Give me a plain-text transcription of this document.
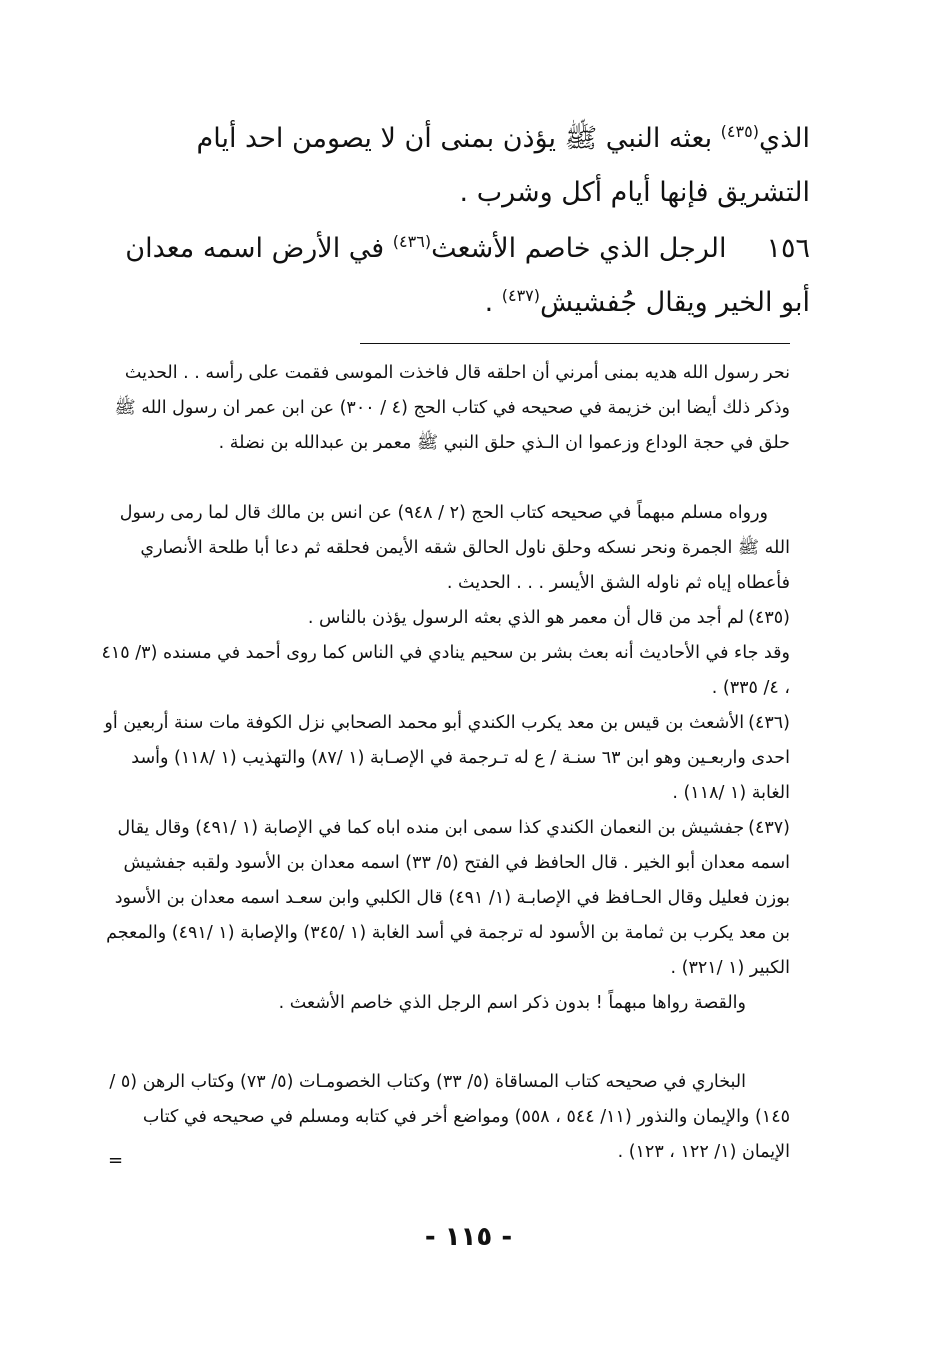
الذي$^{(٤٣٥)}$ بعثه النبي ﷺ يؤذن بمنى أن لا يصومن احد أيام التشريق فإنها أيام أكل وشرب .

١٥٦الرجل الذي خاصم الأشعث$^{(٤٣٦)}$ في الأرض اسمه معدان أبو الخير ويقال جُفشيش$^{(٤٣٧)}$ .

نحر رسول الله هديه بمنى أمرني أن احلقه قال فاخذت الموسى فقمت على رأسه . . الحديث وذكر ذلك أيضا ابن خزيمة في صحيحه في كتاب الحج (٤ / ٣٠٠) عن ابن عمر ان رسول الله ﷺ حلق في حجة الوداع وزعموا ان الـذي حلق النبي ﷺ معمر بن عبدالله بن نضلة .

ورواه مسلم مبهماً في صحيحه كتاب الحج (٢ / ٩٤٨) عن انس بن مالك قال لما رمى رسول الله ﷺ الجمرة ونحر نسكه وحلق ناول الحالق شقه الأيمن فحلقه ثم دعا أبا طلحة الأنصاري فأعطاه إياه ثم ناوله الشق الأيسر . . . الحديث .

(٤٣٥)لم أجد من قال أن معمر هو الذي بعثه الرسول يؤذن بالناس .

وقد جاء في الأحاديث أنه بعث بشر بن سحيم ينادي في الناس كما روى أحمد في مسنده (٣/ ٤١٥ ، ٤/ ٣٣٥) .

(٤٣٦)الأشعث بن قيس بن معد يكرب الكندي أبو محمد الصحابي نزل الكوفة مات سنة أربعين أو احدى واربعـين وهو ابن ٦٣ سنـة / ع له تـرجمة في الإصـابة (١ /٨٧) والتهذيب (١ /١١٨) وأسد الغابة (١ /١١٨) .

(٤٣٧)جفشيش بن النعمان الكندي كذا سمى ابن منده اباه كما في الإصابة (١ /٤٩١) وقال يقال اسمه معدان أبو الخير . قال الحافظ في الفتح (٥/ ٣٣) اسمه معدان بن الأسود ولقبه جفشيش بوزن فعليل وقال الحـافظ في الإصابـة (١/ ٤٩١) قال الكلبي وابن سعـد اسمه معدان بن الأسود بن معد يكرب بن ثمامة بن الأسود له ترجمة في أسد الغابة (١ /٣٤٥) والإصابة (١ /٤٩١) والمعجم الكبير (١ /٣٢١) .

والقصة رواها مبهماً ! بدون ذكر اسم الرجل الذي خاصم الأشعث .

البخاري في صحيحه كتاب المساقاة (٥/ ٣٣) وكتاب الخصومـات (٥/ ٧٣) وكتاب الرهن (٥ / ١٤٥) والإيمان والنذور (١١/ ٥٤٤ ، ٥٥٨) ومواضع أخر في كتابه ومسلم في صحيحه في كتاب الإيمان (١/ ١٢٢ ، ١٢٣) .

=
- ١١٥ -
